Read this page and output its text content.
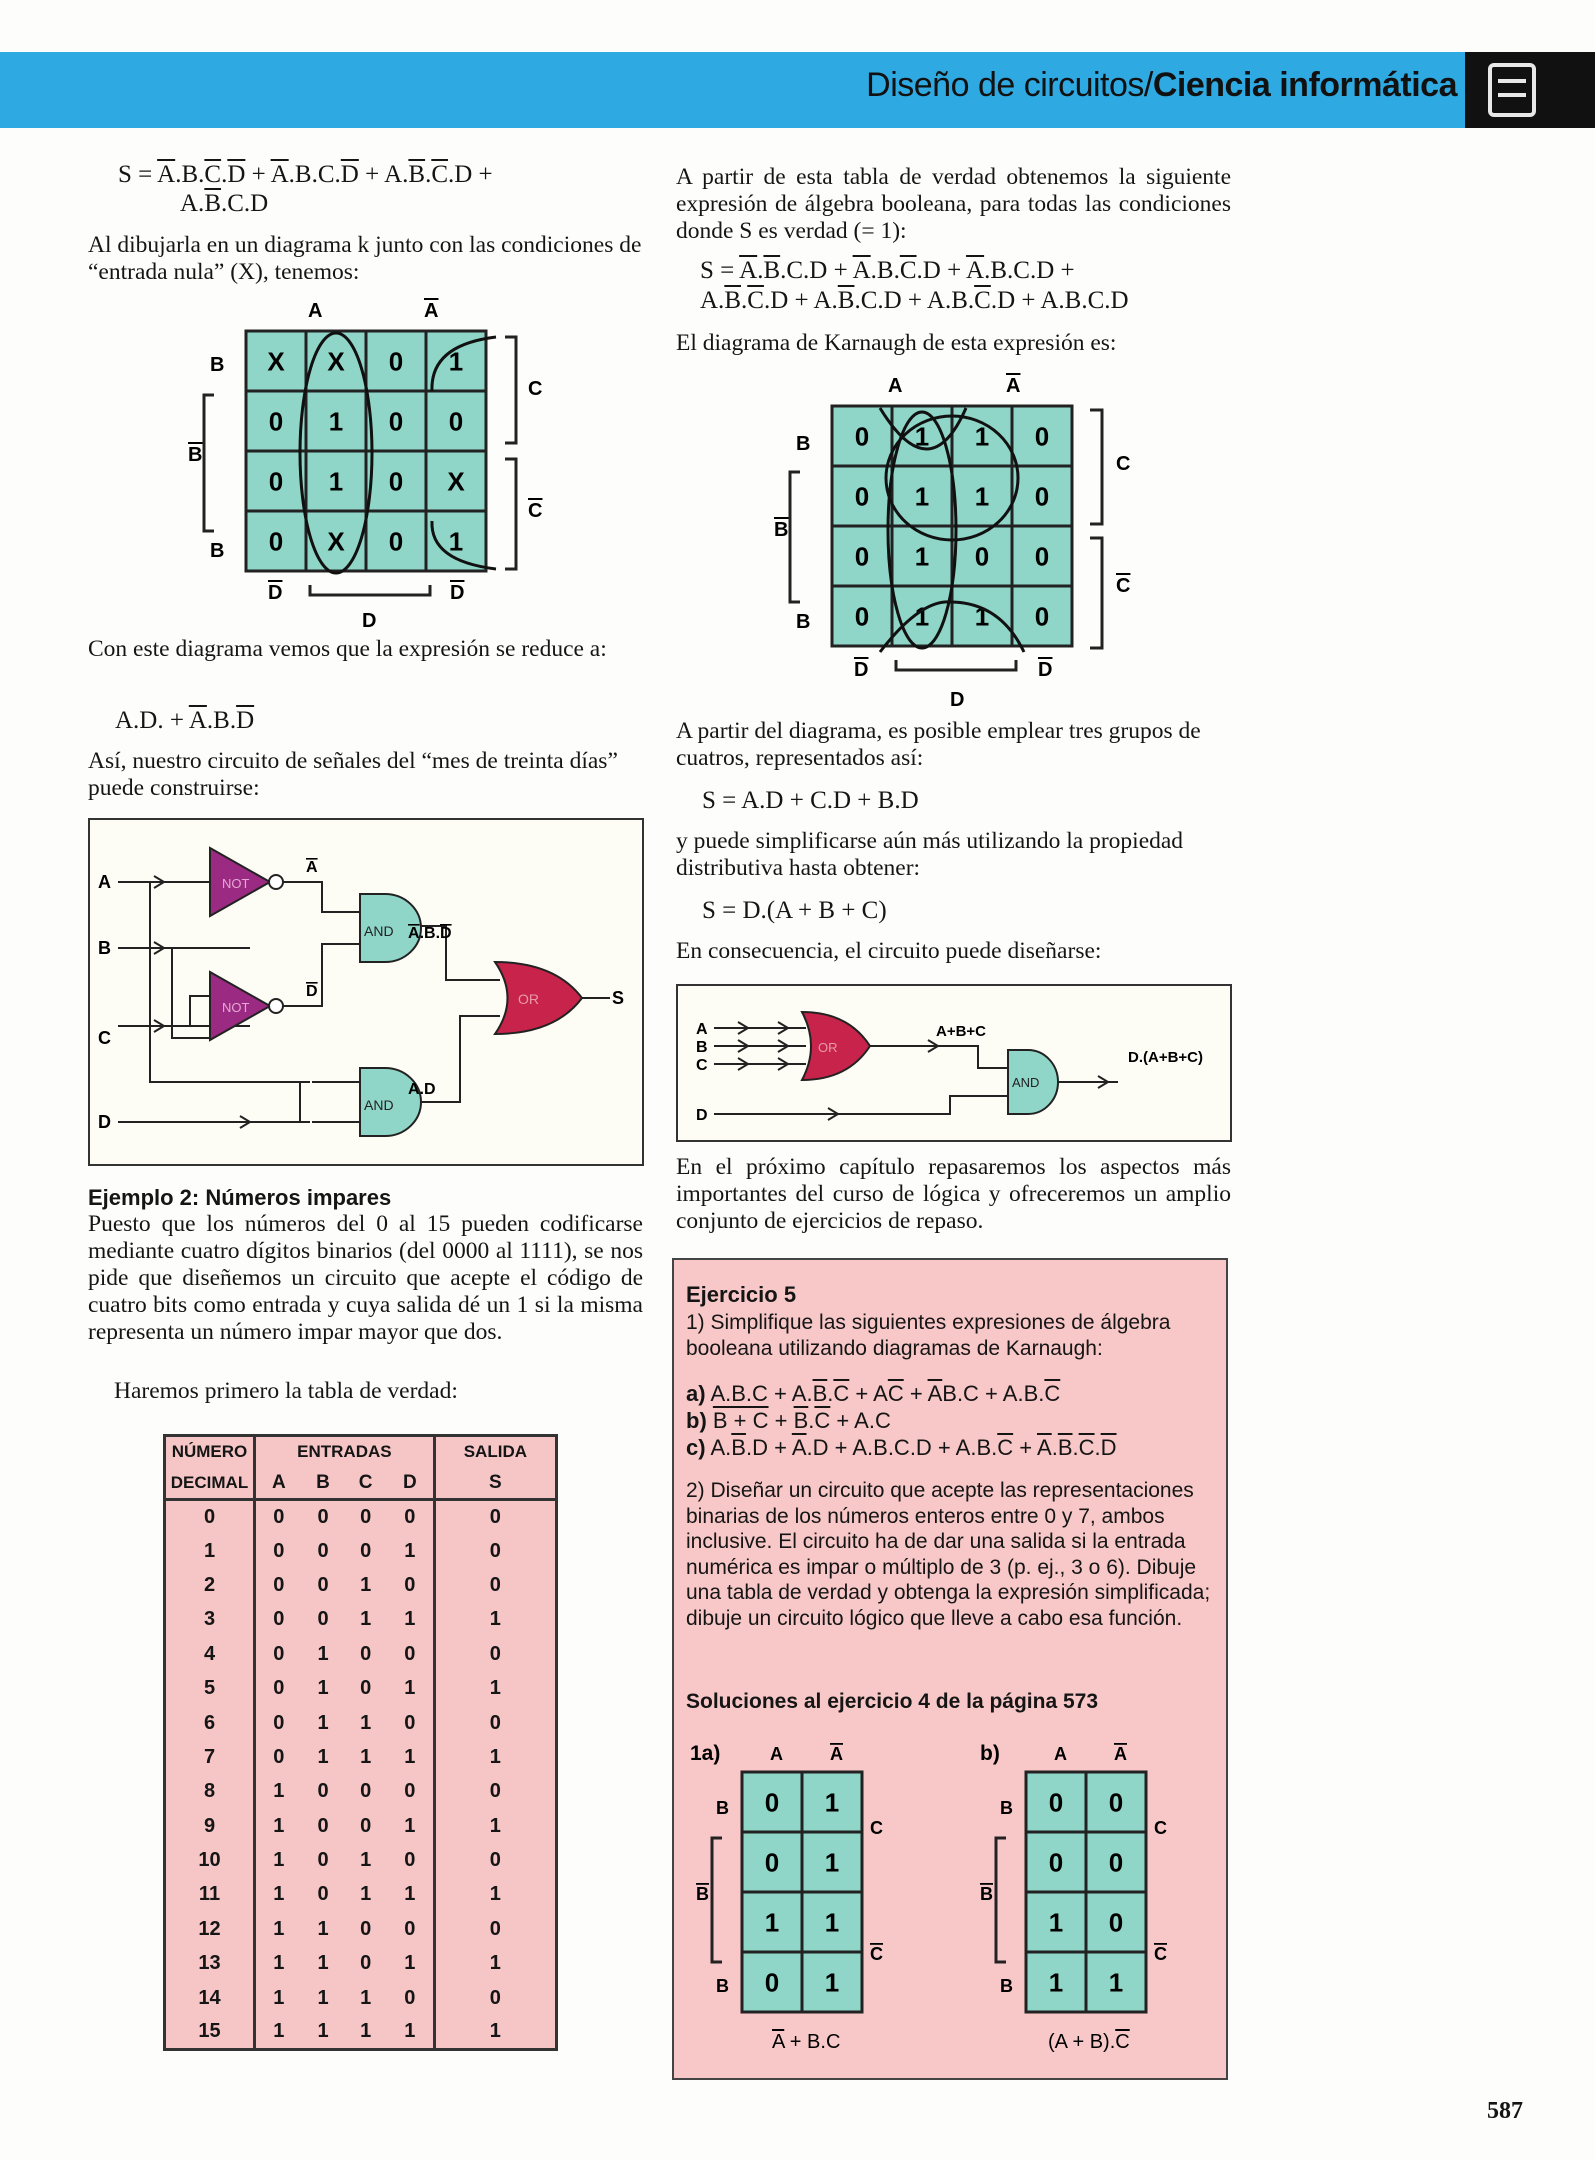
Diseño de circuitos/Ciencia informática
$S = \overline{A}.B.\overline{C}.\overline{D} + \overline{A}.B.C.\overline{D} + A.\overline{B}.\overline{C}.D$ +
$A.\overline{B}.C.D$
Al dibujarla en un diagrama k junto con las condiciones de “entrada nula” (X), tenemos:
A	A
B
B
B
C
C
D	D
D
X X 0 1
0 1 0 0
0 1 0 X
0 X 0 1
Con este diagrama vemos que la expresión se reduce a:
A.D. + $\overline{A}.B.\overline{D}$
Así, nuestro circuito de señales del “mes de treinta días” puede construirse:
NOT
NOT
AND
AND
OR
A
B
C
D
A
D
A.B.D
A.D
S
Ejemplo 2: Números impares
Puesto que los números del 0 al 15 pueden codificarse mediante cuatro dígitos binarios (del 0000 al 1111), se nos pide que diseñemos un circuito que acepte el código de cuatro bits como entrada y cuya salida dé un 1 si la misma representa un número impar mayor que dos.
Haremos primero la tabla de verdad:
NÚMERO	ENTRADAS				SALIDA
DECIMAL	A	B	C	D	S
0	0	0	0	0	0
1	0	0	0	1	0
2	0	0	1	0	0
3	0	0	1	1	1
4	0	1	0	0	0
5	0	1	0	1	1
6	0	1	1	0	0
7	0	1	1	1	1
8	1	0	0	0	0
9	1	0	0	1	1
10	1	0	1	0	0
11	1	0	1	1	1
12	1	1	0	0	0
13	1	1	0	1	1
14	1	1	1	0	0
15	1	1	1	1	1
A partir de esta tabla de verdad obtenemos la siguiente expresión de álgebra booleana, para todas las condiciones donde S es verdad (= 1):
$S = \overline{A}.\overline{B}.C.D + \overline{A}.B.\overline{C}.D + \overline{A}.B.C.D$ +
$A.\overline{B}.\overline{C}.D + A.\overline{B}.C.D + A.B.\overline{C}.D + A.B.C.D$
El diagrama de Karnaugh de esta expresión es:
A	A
B
B
B
C
C
D	D
D
0 1 1 0
0 1 1 0
0 1 0 0
0 1 1 0
A partir del diagrama, es posible emplear tres grupos de cuatros, representados así:
S = A.D + C.D + B.D
y puede simplificarse aún más utilizando la propiedad distributiva hasta obtener:
S = D.(A + B + C)
En consecuencia, el circuito puede diseñarse:
OR
AND
A
B
C
D
A+B+C
D.(A+B+C)
En el próximo capítulo repasaremos los aspectos más importantes del curso de lógica y ofreceremos un amplio conjunto de ejercicios de repaso.
Ejercicio 5
1) Simplifique las siguientes expresiones de álgebra booleana utilizando diagramas de Karnaugh:
a) $A.B.C + A.\overline{B}.\overline{C} + A\overline{C} + \overline{A}B.C + A.B.\overline{C}$
b) $B + C + \overline{B}.\overline{C} + A.C$
c) $A.\overline{B}.D + \overline{A}.D + A.B.C.D + A.B.\overline{C} + \overline{A}.\overline{B}.\overline{C}.\overline{D}$
2) Diseñar un circuito que acepte las representaciones binarias de los números enteros entre 0 y 7, ambos inclusive. El circuito ha de dar una salida si la entrada numérica es impar o múltiplo de 3 (p. ej., 3 o 6). Dibuje una tabla de verdad y obtenga la expresión simplificada; dibuje un circuito lógico que lleve a cabo esa función.
Soluciones al ejercicio 4 de la página 573
1a)	A	A
B
B
B
C
C
0 1
0 1
1 1
0 1
A + B.C
b)	A	A
B
B
B
C
C
0 0
0 0
1 0
1 1
(A + B).C
587
